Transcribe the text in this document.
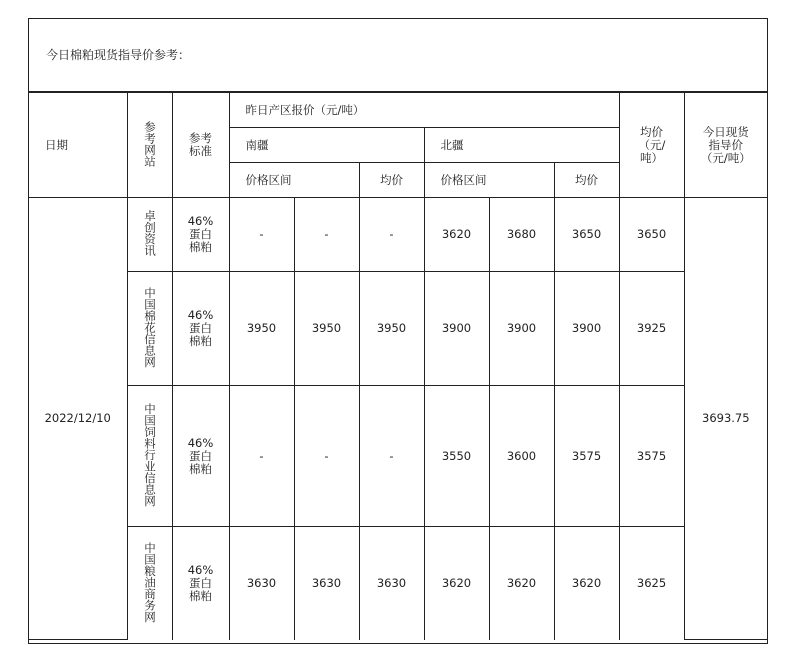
今日棉粕现货指导价参考：
日期	参考网站	参考标准	昨日产区报价（元/吨）						均价（元/吨）	今日现货指导价（元/吨）
			南疆			北疆				
			价格区间		均价	价格区间		均价		
2022/12/10	卓创资讯	46%蛋白棉粕	-	-	-	3620	3680	3650	3650	3693.75
	中国棉花信息网	46%蛋白棉粕	3950	3950	3950	3900	3900	3900	3925	
	中国饲料行业信息网	46%蛋白棉粕	-	-	-	3550	3600	3575	3575	
	中国粮油商务网	46%蛋白棉粕	3630	3630	3630	3620	3620	3620	3625	
